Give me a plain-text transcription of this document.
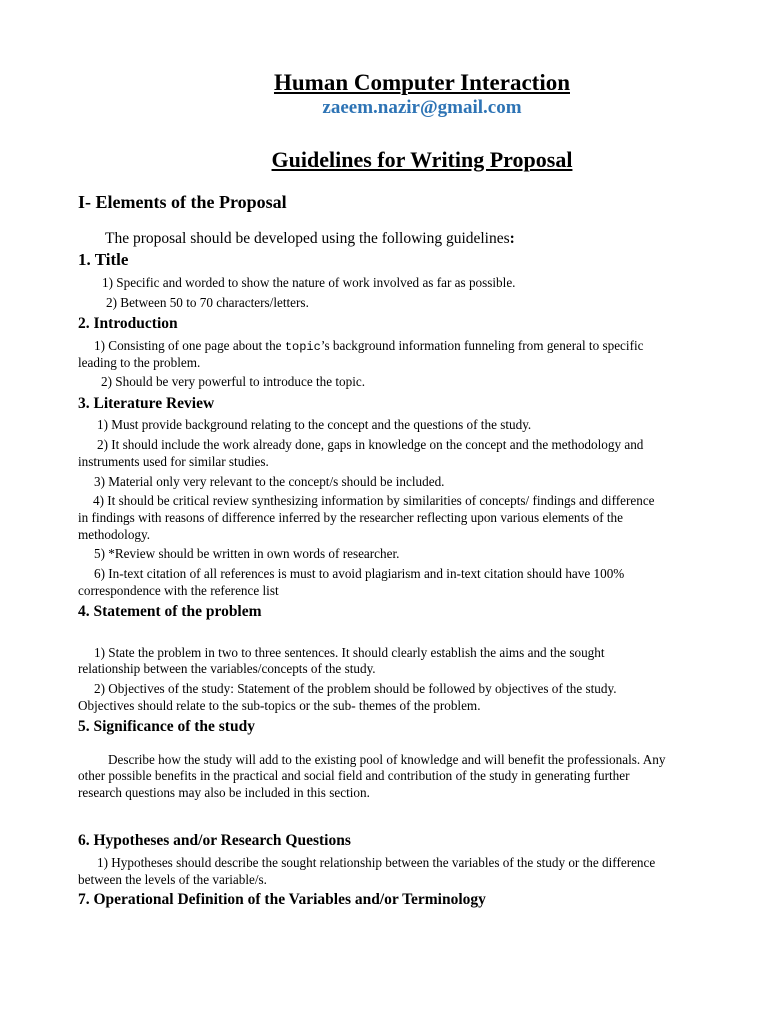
Human Computer Interaction
zaeem.nazir@gmail.com
Guidelines for Writing Proposal
I- Elements of the Proposal
The proposal should be developed using the following guidelines:
1. Title
1) Specific and worded to show the nature of work involved as far as possible.
2) Between 50 to 70 characters/letters.
2. Introduction
1) Consisting of one page about the topic’s background information funneling from general to specific
leading to the problem.
2) Should be very powerful to introduce the topic.
3. Literature Review
1) Must provide background relating to the concept and the questions of the study.
2) It should include the work already done, gaps in knowledge on the concept and the methodology and
instruments used for similar studies.
3) Material only very relevant to the concept/s should be included.
4) It should be critical review synthesizing information by similarities of concepts/ findings and difference
in findings with reasons of difference inferred by the researcher reflecting upon various elements of the
methodology.
5) *Review should be written in own words of researcher.
6) In-text citation of all references is must to avoid plagiarism and in-text citation should have 100%
correspondence with the reference list
4. Statement of the problem
1) State the problem in two to three sentences. It should clearly establish the aims and the sought
relationship between the variables/concepts of the study.
2) Objectives of the study: Statement of the problem should be followed by objectives of the study.
Objectives should relate to the sub-topics or the sub- themes of the problem.
5. Significance of the study
Describe how the study will add to the existing pool of knowledge and will benefit the professionals. Any
other possible benefits in the practical and social field and contribution of the study in generating further
research questions may also be included in this section.
6. Hypotheses and/or Research Questions
1) Hypotheses should describe the sought relationship between the variables of the study or the difference
between the levels of the variable/s.
7. Operational Definition of the Variables and/or Terminology
